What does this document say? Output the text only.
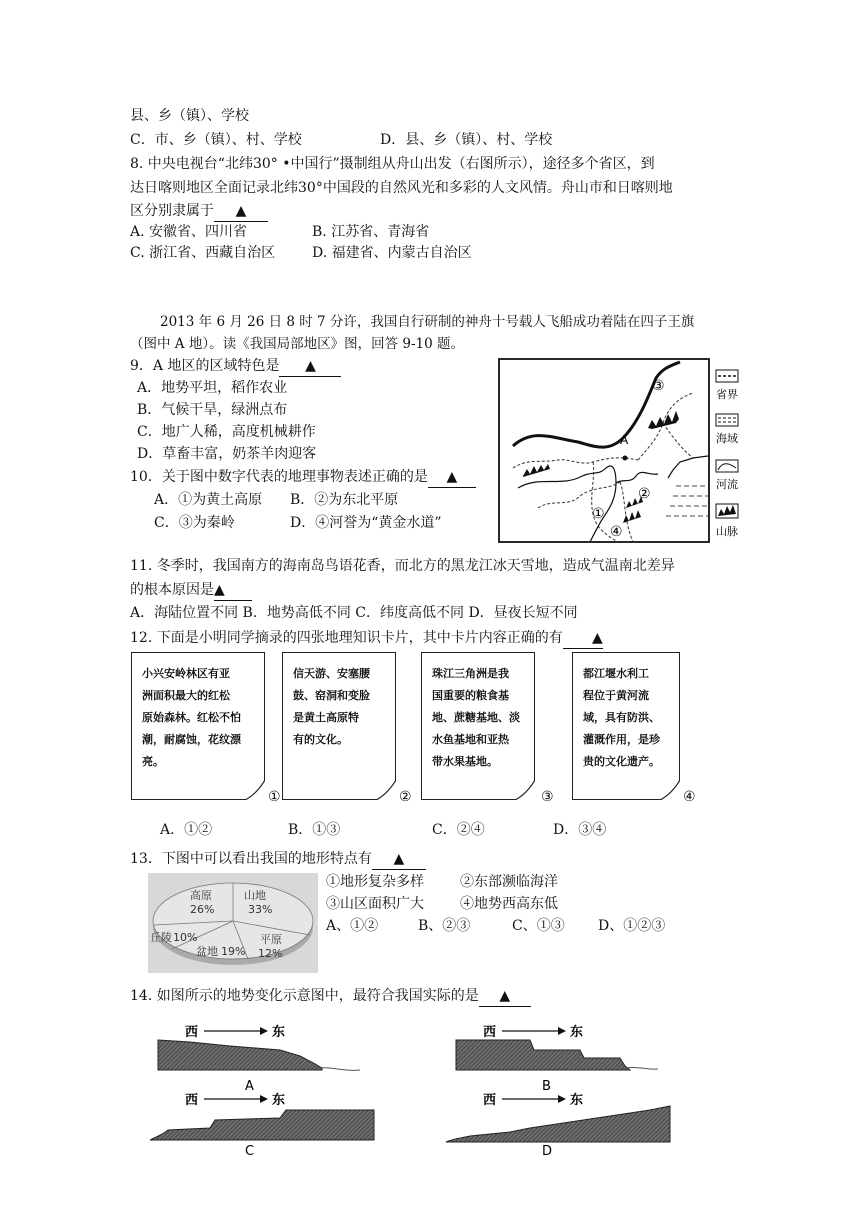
县、乡（镇）、学校
C．市、乡（镇）、村、学校	D．县、乡（镇）、村、学校
8. 中央电视台“北纬30° •中国行”摄制组从舟山出发（右图所示），途径多个省区，到
达日喀则地区全面记录北纬30°中国段的自然风光和多彩的人文风情。舟山市和日喀则地
区分别隶属于 ▲
A. 安徽省、四川省	B. 江苏省、青海省
C. 浙江省、西藏自治区	D. 福建省、内蒙古自治区
2013 年 6 月 26 日 8 时 7 分许，我国自行研制的神舟十号载人飞船成功着陆在四子王旗
（图中 A 地）。读《我国局部地区》图，回答 9-10 题。
9．A 地区的区域特色是 ▲
A．地势平坦，稻作农业
B．气候干旱，绿洲点布
C．地广人稀，高度机械耕作
D．草畜丰富，奶茶羊肉迎客
10．关于图中数字代表的地理事物表述正确的是 ▲
A．①为黄土高原 B．②为东北平原
C．③为秦岭	D．④河誉为“黄金水道”
A
③
②
①
④
省界
海域
河流
山脉
11. 冬季时，我国南方的海南岛鸟语花香，而北方的黑龙江冰天雪地，造成气温南北差异
的根本原因是▲
A．海陆位置不同 B．地势高低不同 C．纬度高低不同 D．昼夜长短不同
12. 下面是小明同学摘录的四张地理知识卡片，其中卡片内容正确的有 ▲
小兴安岭林区有亚
洲面积最大的红松
原始森林。红松不怕
潮，耐腐蚀，花纹漂
亮。
①
信天游、安塞腰
鼓、窑洞和变脸
是黄土高原特
有的文化。
②
珠江三角洲是我
国重要的粮食基
地、蔗糖基地、淡
水鱼基地和亚热
带水果基地。
③
都江堰水利工
程位于黄河流
域，具有防洪、
灌溉作用，是珍
贵的文化遗产。
④
A．①②	B．①③	C．②④	D．③④
13．下图中可以看出我国的地形特点有 ▲
高原
26%
山地
33%
平原
12%
盆地 19%
丘陵 10%
①地形复杂多样	②东部濒临海洋
③山区面积广大	④地势西高东低
A、①②	B、②③	C、①③ D、①②③
14. 如图所示的地势变化示意图中，最符合我国实际的是 ▲
西	东
A
西	东
B
西	东
C
西	东
D
